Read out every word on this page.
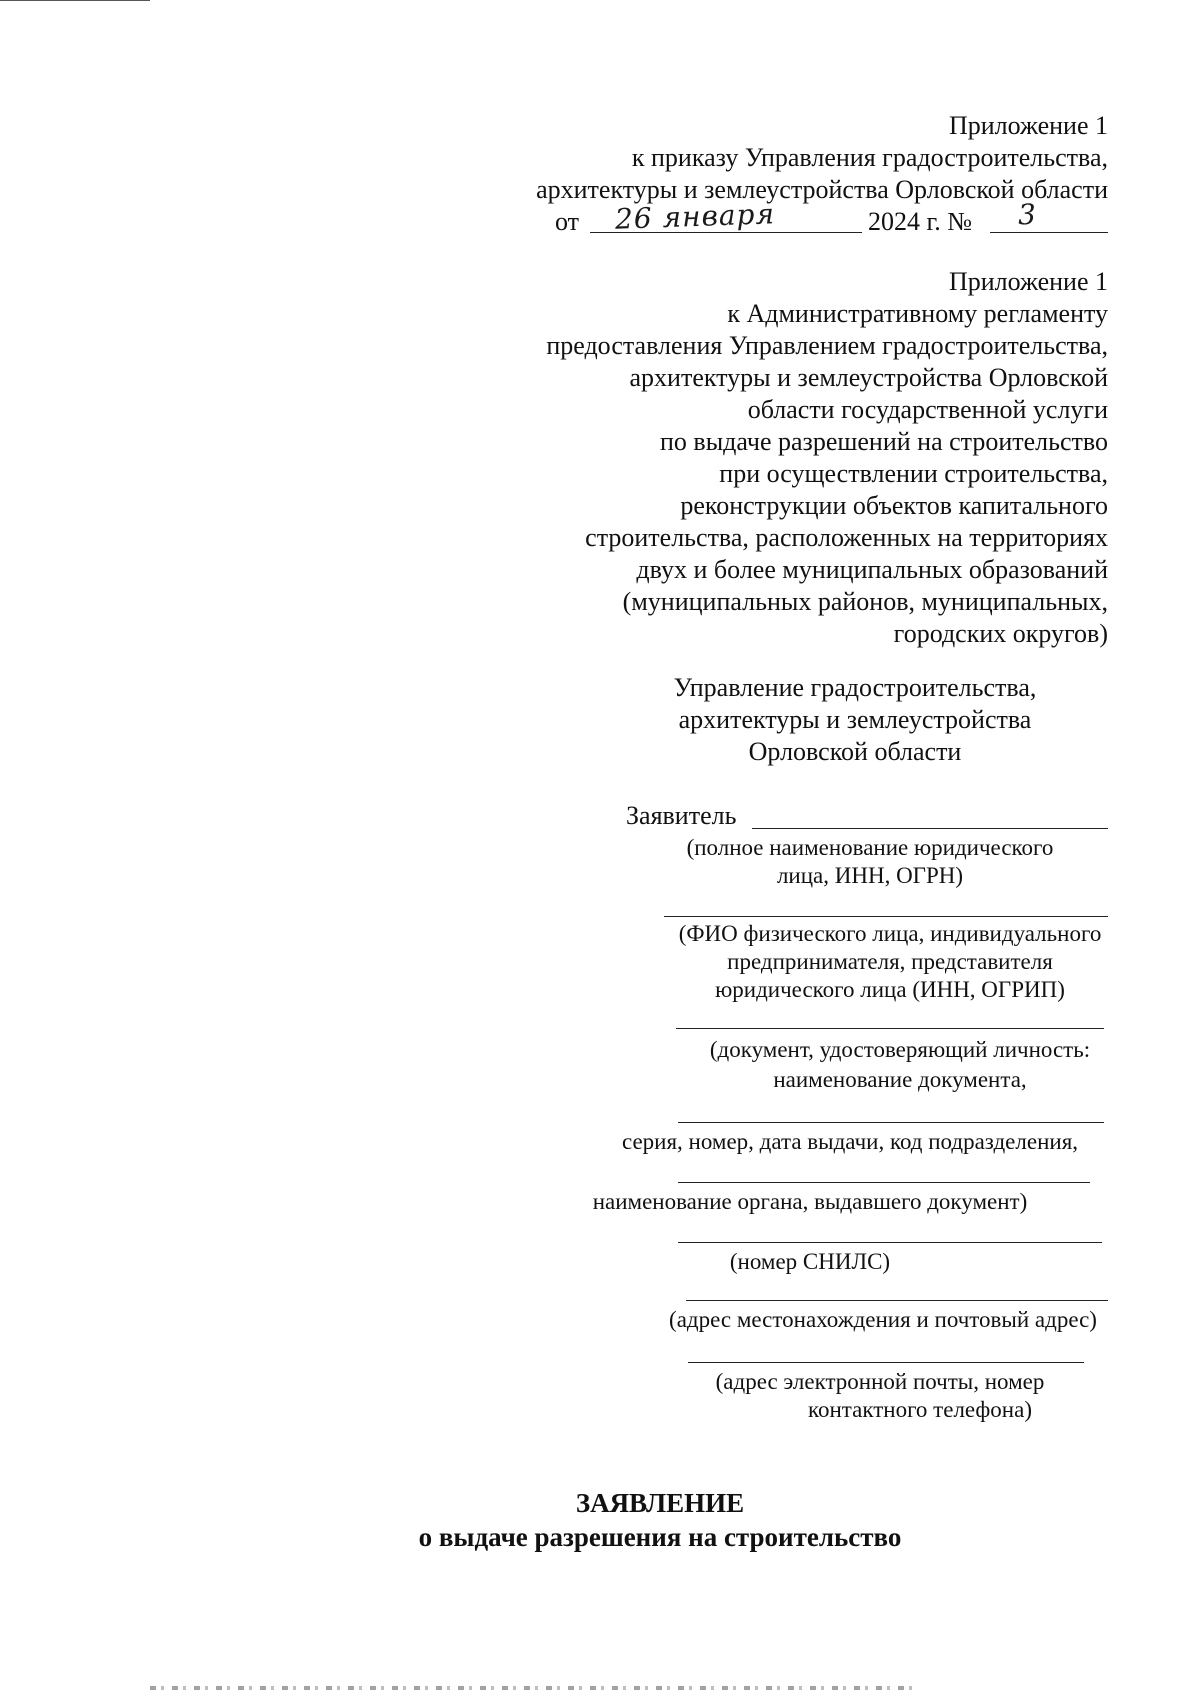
Приложение 1
к приказу Управления градостроительства,
архитектуры и землеустройства Орловской области
от 26 января	2024 г. № 3
Приложение 1
к Административному регламенту
предоставления Управлением градостроительства,
архитектуры и землеустройства Орловской
области государственной услуги
по выдаче разрешений на строительство
при осуществлении строительства,
реконструкции объектов капитального
строительства, расположенных на территориях
двух и более муниципальных образований
(муниципальных районов, муниципальных,
городских округов)
Управление градостроительства,
архитектуры и землеустройства
Орловской области
Заявитель
(полное наименование юридического
лица, ИНН, ОГРН)
(ФИО физического лица, индивидуального
предпринимателя, представителя
юридического лица (ИНН, ОГРИП)
(документ, удостоверяющий личность:
наименование документа,
серия, номер, дата выдачи, код подразделения,
наименование органа, выдавшего документ)
(номер СНИЛС)
(адрес местонахождения и почтовый адрес)
(адрес электронной почты, номер
контактного телефона)
ЗАЯВЛЕНИЕ
о выдаче разрешения на строительство
